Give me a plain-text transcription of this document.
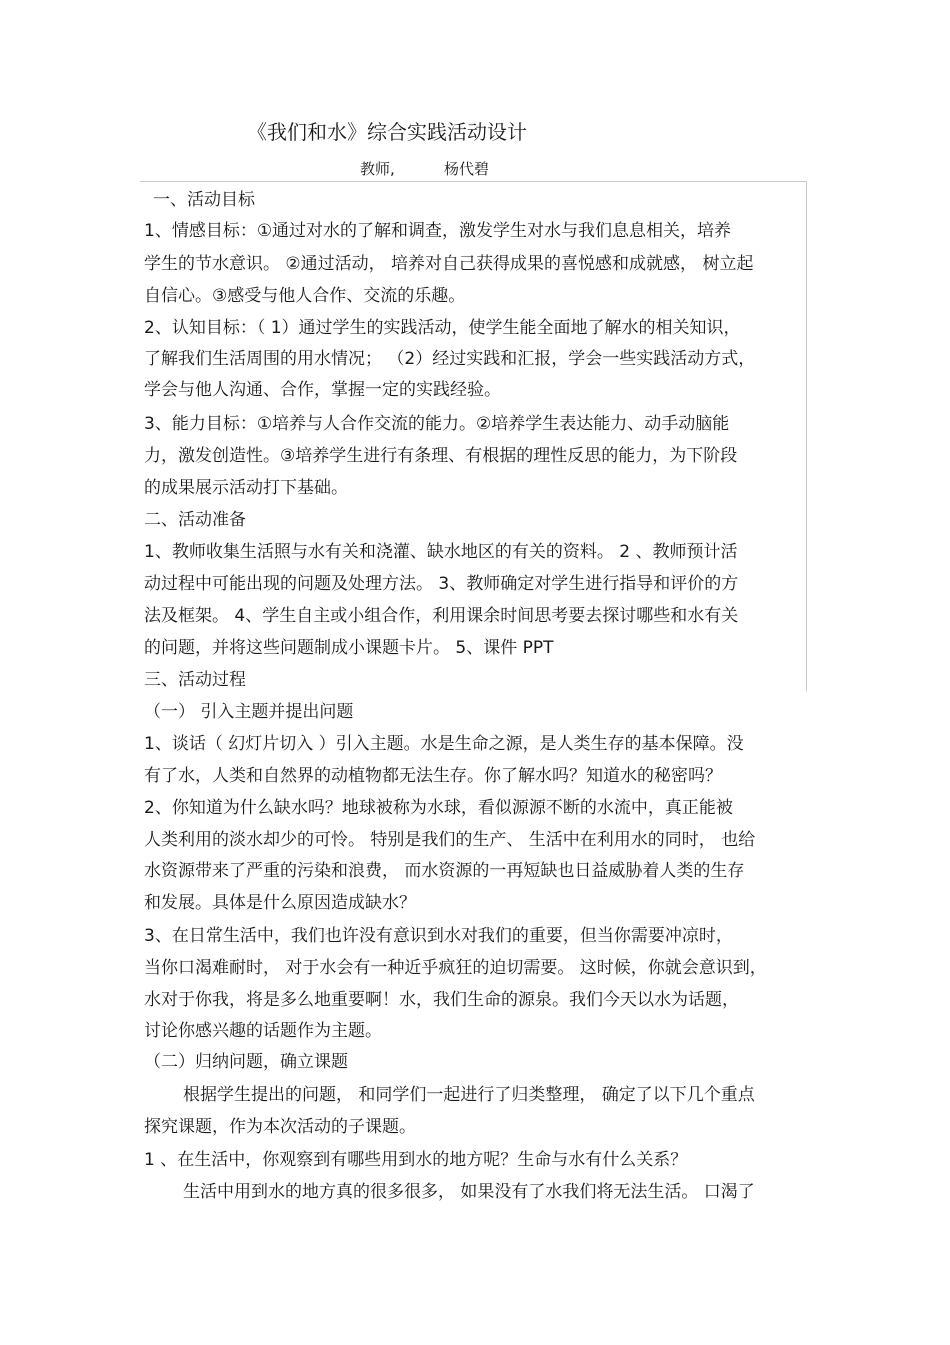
《我们和水》综合实践活动设计
教师,	杨代碧
一、活动目标
1、情感目标：①通过对水的了解和调查，激发学生对水与我们息息相关，培养
学生的节水意识。 ②通过活动， 培养对自己获得成果的喜悦感和成就感， 树立起
自信心。③感受与他人合作、交流的乐趣。
2、认知目标：（ 1）通过学生的实践活动，使学生能全面地了解水的相关知识，
了解我们生活周围的用水情况； （2）经过实践和汇报，学会一些实践活动方式，
学会与他人沟通、合作，掌握一定的实践经验。
3、能力目标：①培养与人合作交流的能力。②培养学生表达能力、动手动脑能
力，激发创造性。③培养学生进行有条理、有根据的理性反思的能力，为下阶段
的成果展示活动打下基础。
二、活动准备
1、教师收集生活照与水有关和浇灌、缺水地区的有关的资料。 2 、教师预计活
动过程中可能出现的问题及处理方法。 3、教师确定对学生进行指导和评价的方
法及框架。 4、学生自主或小组合作，利用课余时间思考要去探讨哪些和水有关
的问题，并将这些问题制成小课题卡片。 5、课件 PPT
三、活动过程
（一） 引入主题并提出问题
1、谈话（ 幻灯片切入 ）引入主题。水是生命之源，是人类生存的基本保障。没
有了水，人类和自然界的动植物都无法生存。你了解水吗？知道水的秘密吗？
2、你知道为什么缺水吗？地球被称为水球，看似源源不断的水流中，真正能被
人类利用的淡水却少的可怜。 特别是我们的生产、 生活中在利用水的同时， 也给
水资源带来了严重的污染和浪费， 而水资源的一再短缺也日益威胁着人类的生存
和发展。具体是什么原因造成缺水？
3、在日常生活中，我们也许没有意识到水对我们的重要，但当你需要冲凉时，
当你口渴难耐时， 对于水会有一种近乎疯狂的迫切需要。 这时候，你就会意识到，
水对于你我，将是多么地重要啊！水，我们生命的源泉。我们今天以水为话题，
讨论你感兴趣的话题作为主题。
（二）归纳问题，确立课题
根据学生提出的问题， 和同学们一起进行了归类整理， 确定了以下几个重点
探究课题，作为本次活动的子课题。
1 、在生活中，你观察到有哪些用到水的地方呢？生命与水有什么关系？
生活中用到水的地方真的很多很多， 如果没有了水我们将无法生活。 口渴了
